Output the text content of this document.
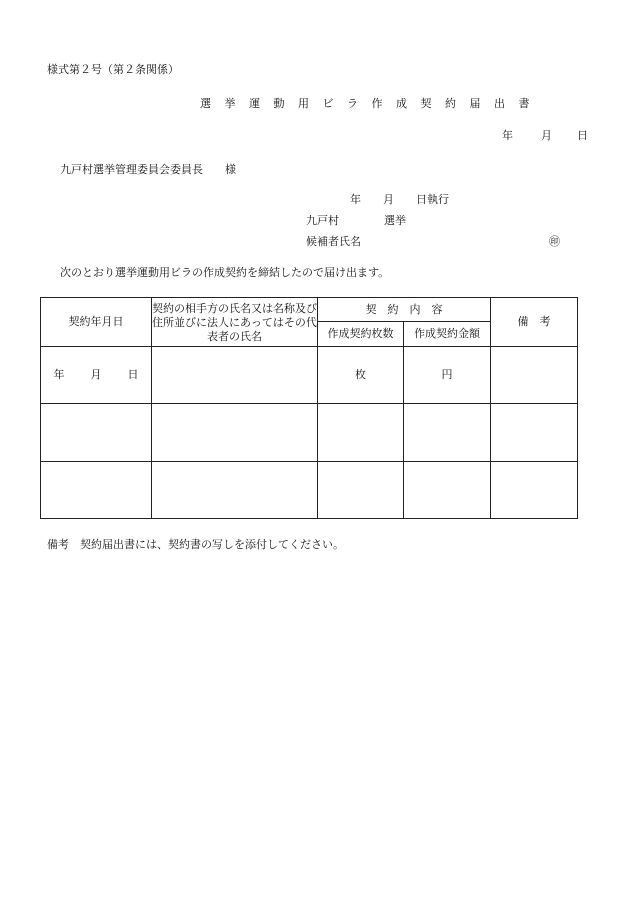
様式第２号（第２条関係）
選 挙 運 動 用 ビ ラ 作 成 契 約 届 出 書
年	月 日
九戸村選挙管理委員会委員長　　様
年 月 日執行
九戸村	選挙
候補者氏名	㊞
次のとおり選挙運動用ビラの作成契約を締結したので届け出ます。
契約年月日	契約の相手方の氏名又は名称及び住所並びに法人にあってはその代表者の氏名	契　約　内　容		備　考
		作成契約枚数	作成契約金額	
年 月 日		枚	円	

備考　契約届出書には、契約書の写しを添付してください。
